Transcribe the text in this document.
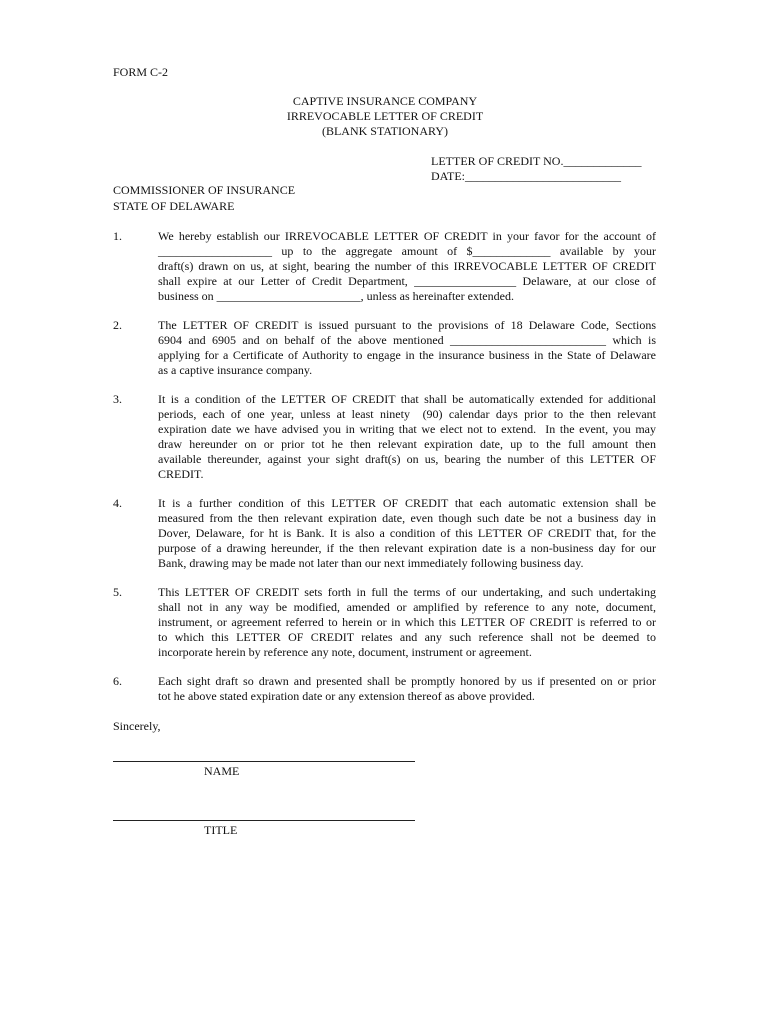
FORM C-2
CAPTIVE INSURANCE COMPANY
IRREVOCABLE LETTER OF CREDIT
(BLANK STATIONARY)
LETTER OF CREDIT NO._____________
DATE:__________________________
COMMISSIONER OF INSURANCE
STATE OF DELAWARE
1.	We hereby establish our IRREVOCABLE LETTER OF CREDIT in your favor for the account of
___________________ up to the aggregate amount of $_____________ available by your
draft(s) drawn on us, at sight, bearing the number of this IRREVOCABLE LETTER OF CREDIT
shall expire at our Letter of Credit Department, _________________ Delaware, at our close of
business on ________________________, unless as hereinafter extended.
2.	The LETTER OF CREDIT is issued pursuant to the provisions of 18 Delaware Code, Sections
6904 and 6905 and on behalf of the above mentioned __________________________ which is
applying for a Certificate of Authority to engage in the insurance business in the State of Delaware
as a captive insurance company.
3.	It is a condition of the LETTER OF CREDIT that shall be automatically extended for additional
periods, each of one year, unless at least ninety  (90) calendar days prior to the then relevant
expiration date we have advised you in writing that we elect not to extend.  In the event, you may
draw hereunder on or prior tot he then relevant expiration date, up to the full amount then
available thereunder, against your sight draft(s) on us, bearing the number of this LETTER OF
CREDIT.
4.	It is a further condition of this LETTER OF CREDIT that each automatic extension shall be
measured from the then relevant expiration date, even though such date be not a business day in
Dover, Delaware, for ht is Bank. It is also a condition of this LETTER OF CREDIT that, for the
purpose of a drawing hereunder, if the then relevant expiration date is a non-business day for our
Bank, drawing may be made not later than our next immediately following business day.
5.	This LETTER OF CREDIT sets forth in full the terms of our undertaking, and such undertaking
shall not in any way be modified, amended or amplified by reference to any note, document,
instrument, or agreement referred to herein or in which this LETTER OF CREDIT is referred to or
to which this LETTER OF CREDIT relates and any such reference shall not be deemed to
incorporate herein by reference any note, document, instrument or agreement.
6.	Each sight draft so drawn and presented shall be promptly honored by us if presented on or prior
tot he above stated expiration date or any extension thereof as above provided.
Sincerely,
NAME
TITLE
